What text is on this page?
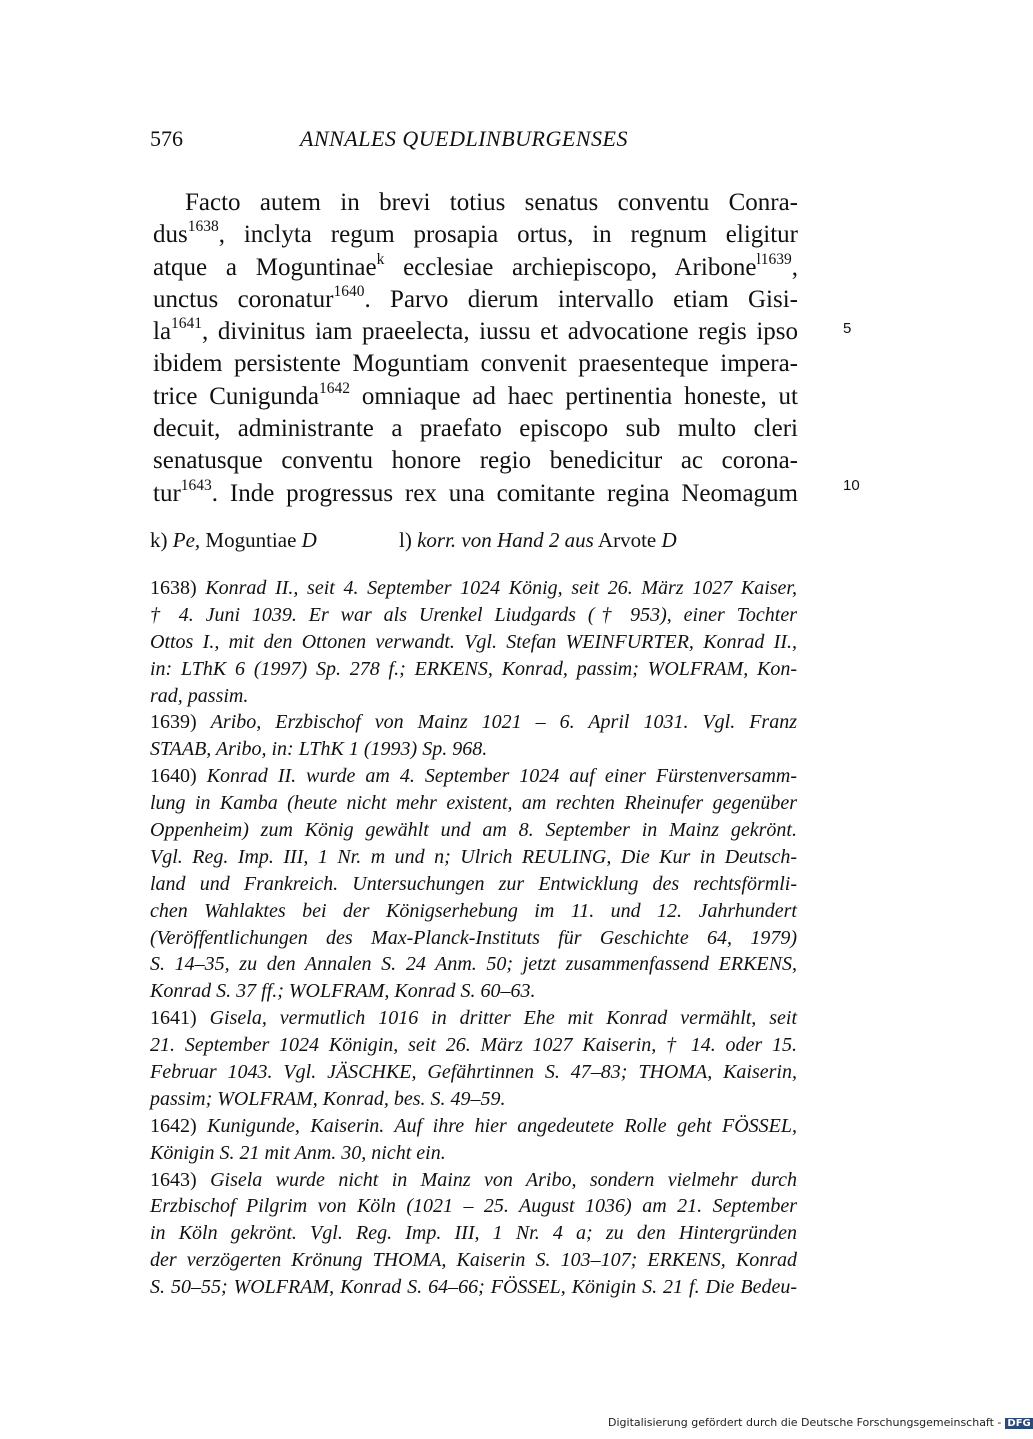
576	ANNALES QUEDLINBURGENSES
Facto autem in brevi totius senatus conventu Conra-
dus$^{1638}$, inclyta regum prosapia ortus, in regnum eligitur
atque a Moguntinae$^k$ ecclesiae archiepiscopo, Aribone$^{l1639}$,
unctus coronatur$^{1640}$. Parvo dierum intervallo etiam Gisi-
$la^{1641}$, divinitus iam praeelecta, iussu et advocatione regis ipso
ibidem persistente Moguntiam convenit praesenteque impera-
trice Cunigunda$^{1642}$ omniaque ad haec pertinentia honeste, ut
decuit, administrante a praefato episcopo sub multo cleri
senatusque conventu honore regio benedicitur ac corona-
tur$^{1643}$. Inde progressus rex una comitante regina Neomagum
5
10
k) Pe, Moguntiae D	l) korr. von Hand 2 aus Arvote D
1638) Konrad II., seit 4. September 1024 König, seit 26. März 1027 Kaiser,
† 4. Juni 1039. Er war als Urenkel Liudgards († 953), einer Tochter
Ottos I., mit den Ottonen verwandt. Vgl. Stefan WEINFURTER, Konrad II.,
in: LThK 6 (1997) Sp. 278 f.; ERKENS, Konrad, passim; WOLFRAM, Kon-
rad, passim.
1639) Aribo, Erzbischof von Mainz 1021 – 6. April 1031. Vgl. Franz
STAAB, Aribo, in: LThK 1 (1993) Sp. 968.
1640) Konrad II. wurde am 4. September 1024 auf einer Fürstenversamm-
lung in Kamba (heute nicht mehr existent, am rechten Rheinufer gegenüber
Oppenheim) zum König gewählt und am 8. September in Mainz gekrönt.
Vgl. Reg. Imp. III, 1 Nr. m und n; Ulrich REULING, Die Kur in Deutsch-
land und Frankreich. Untersuchungen zur Entwicklung des rechtsförmli-
chen Wahlaktes bei der Königserhebung im 11. und 12. Jahrhundert
(Veröffentlichungen des Max-Planck-Instituts für Geschichte 64, 1979)
S. 14–35, zu den Annalen S. 24 Anm. 50; jetzt zusammenfassend ERKENS,
Konrad S. 37 ff.; WOLFRAM, Konrad S. 60–63.
1641) Gisela, vermutlich 1016 in dritter Ehe mit Konrad vermählt, seit
21. September 1024 Königin, seit 26. März 1027 Kaiserin, † 14. oder 15.
Februar 1043. Vgl. JÄSCHKE, Gefährtinnen S. 47–83; THOMA, Kaiserin,
passim; WOLFRAM, Konrad, bes. S. 49–59.
1642) Kunigunde, Kaiserin. Auf ihre hier angedeutete Rolle geht FÖSSEL,
Königin S. 21 mit Anm. 30, nicht ein.
1643) Gisela wurde nicht in Mainz von Aribo, sondern vielmehr durch
Erzbischof Pilgrim von Köln (1021 – 25. August 1036) am 21. September
in Köln gekrönt. Vgl. Reg. Imp. III, 1 Nr. 4 a; zu den Hintergründen
der verzögerten Krönung THOMA, Kaiserin S. 103–107; ERKENS, Konrad
S. 50–55; WOLFRAM, Konrad S. 64–66; FÖSSEL, Königin S. 21 f. Die Bedeu-
Digitalisierung gefördert durch die Deutsche Forschungsgemeinschaft - DFG
